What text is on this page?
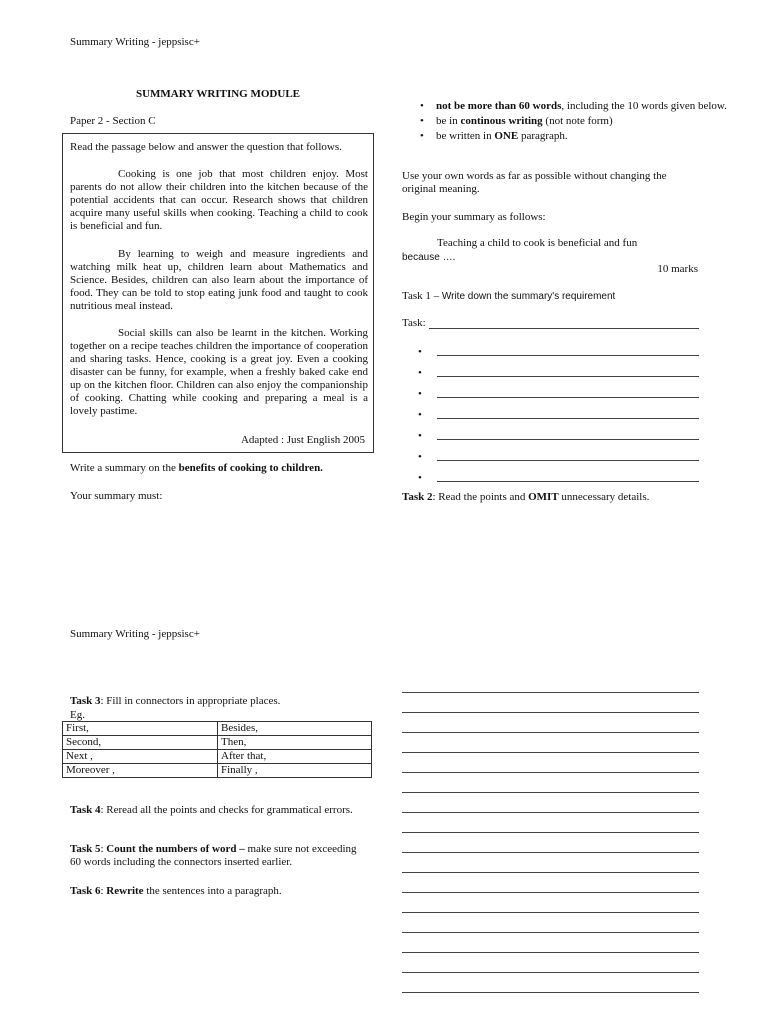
Summary Writing - jeppsisc+
SUMMARY WRITING MODULE
Paper 2 - Section C
Read the passage below and answer the question that follows.
Cooking is one job that most children enjoy. Most parents do not allow their children into the kitchen because of the potential accidents that can occur. Research shows that children acquire many useful skills when cooking. Teaching a child to cook is beneficial and fun.
By learning to weigh and measure ingredients and watching milk heat up, children learn about Mathematics and Science. Besides, children can also learn about the importance of food. They can be told to stop eating junk food and taught to cook nutritious meal instead.
Social skills can also be learnt in the kitchen. Working together on a recipe teaches children the importance of cooperation and sharing tasks. Hence, cooking is a great joy. Even a cooking disaster can be funny, for example, when a freshly baked cake end up on the kitchen floor. Children can also enjoy the companionship of cooking. Chatting while cooking and preparing a meal is a lovely pastime.
Adapted : Just English 2005
Write a summary on the benefits of cooking to children.
Your summary must:
• not be more than 60 words, including the 10 words given below.
• be in continous writing (not note form)
• be written in ONE paragraph.
Use your own words as far as possible without changing the original meaning.
Begin your summary as follows:
Teaching a child to cook is beneficial and fun
because ….
10 marks
Task 1 – Write down the summary's requirement
Task:
•
•
•
•
•
•
•
Task 2: Read the points and OMIT unnecessary details.
Summary Writing - jeppsisc+
Task 3: Fill in connectors in appropriate places.
Eg.
First,	Besides,
Second,	Then,
Next ,	After that,
Moreover ,	Finally ,
Task 4: Reread all the points and checks for grammatical errors.
Task 5: Count the numbers of word – make sure not exceeding 60 words including the connectors inserted earlier.
Task 6: Rewrite the sentences into a paragraph.
